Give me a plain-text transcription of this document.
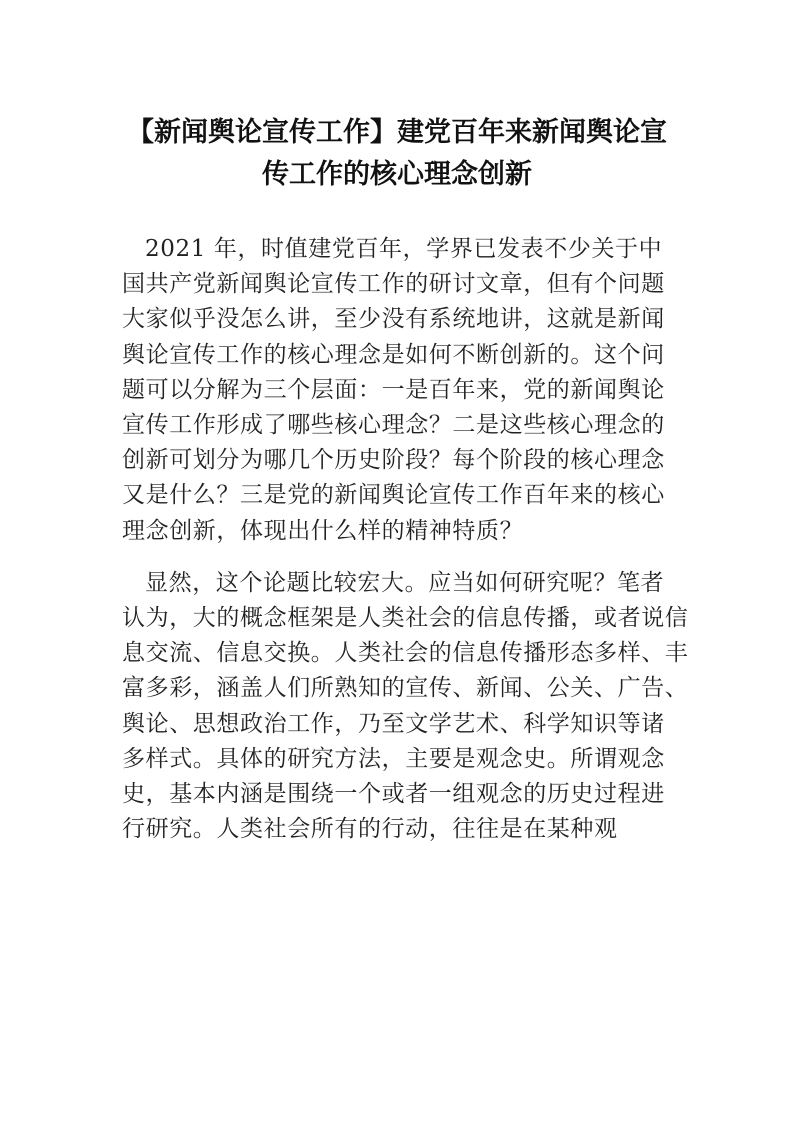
【新闻舆论宣传工作】建党百年来新闻舆论宣
传工作的核心理念创新

2021 年，时值建党百年，学界已发表不少关于中
国共产党新闻舆论宣传工作的研讨文章，但有个问题
大家似乎没怎么讲，至少没有系统地讲，这就是新闻
舆论宣传工作的核心理念是如何不断创新的。这个问
题可以分解为三个层面：一是百年来，党的新闻舆论
宣传工作形成了哪些核心理念？二是这些核心理念的
创新可划分为哪几个历史阶段？每个阶段的核心理念
又是什么？三是党的新闻舆论宣传工作百年来的核心
理念创新，体现出什么样的精神特质？

显然，这个论题比较宏大。应当如何研究呢？笔者
认为，大的概念框架是人类社会的信息传播，或者说信
息交流、信息交换。人类社会的信息传播形态多样、丰
富多彩，涵盖人们所熟知的宣传、新闻、公关、广告、
舆论、思想政治工作，乃至文学艺术、科学知识等诸
多样式。具体的研究方法，主要是观念史。所谓观念
史，基本内涵是围绕一个或者一组观念的历史过程进
行研究。人类社会所有的行动，往往是在某种观
